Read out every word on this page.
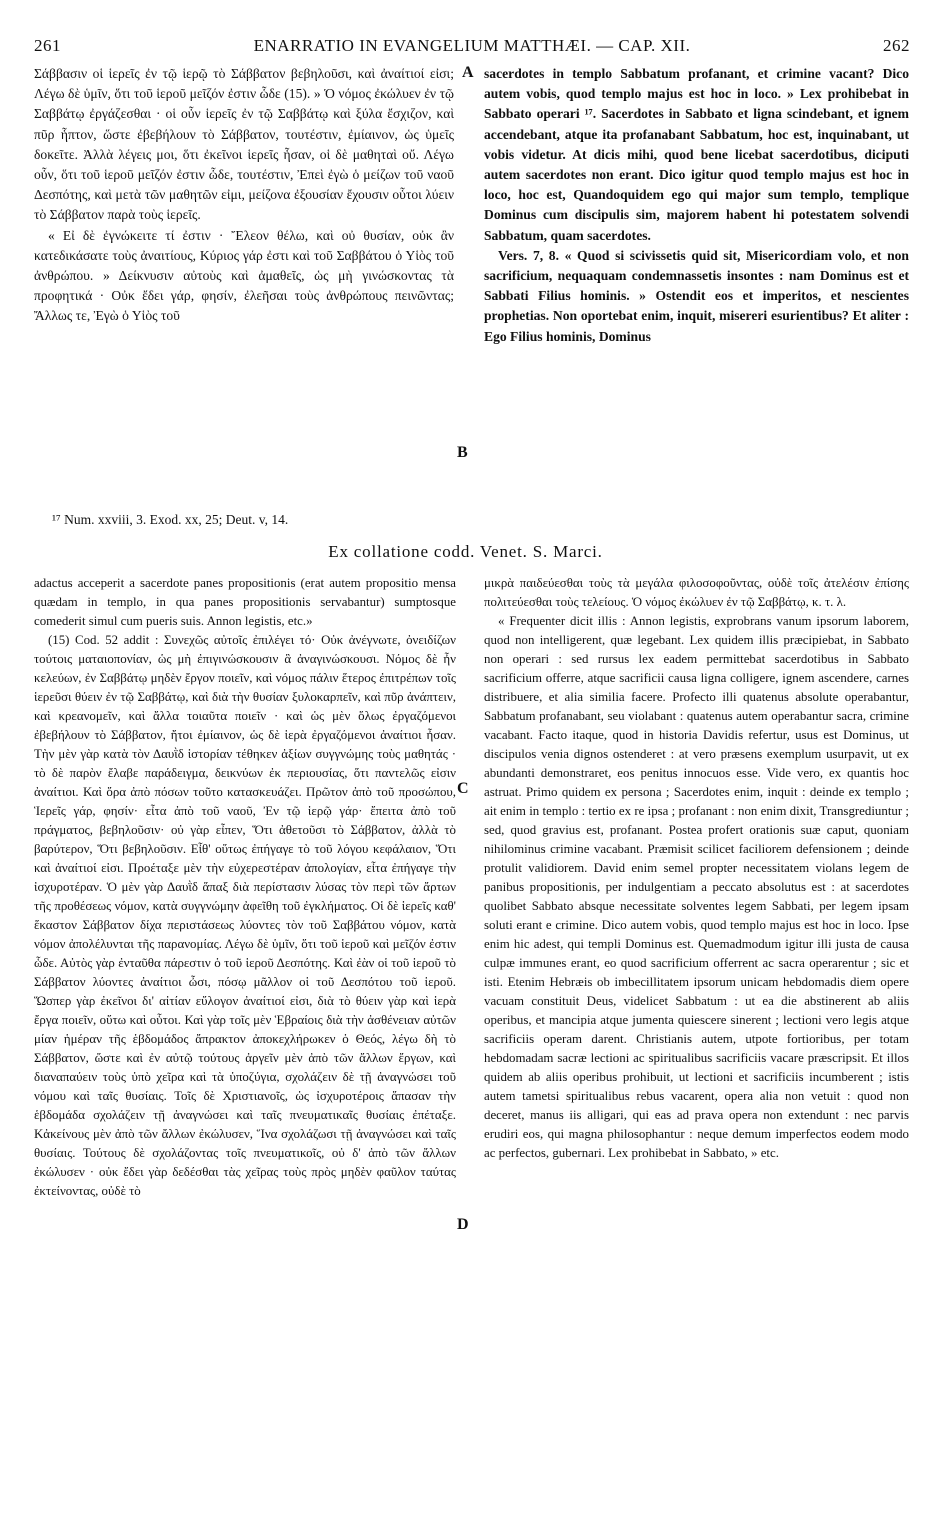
261	ENARRATIO IN EVANGELIUM MATTHÆI. — CAP. XII.	262
A
B
C
D

Σάββασιν οἱ ἱερεῖς ἐν τῷ ἱερῷ τὸ Σάββατον βεβηλοῦσι, καὶ ἀναίτιοί εἰσι; Λέγω δὲ ὑμῖν, ὅτι τοῦ ἱεροῦ μεῖζόν ἐστιν ὧδε (15). » Ὁ νόμος ἐκώλυεν ἐν τῷ Σαββάτῳ ἐργάζεσθαι · οἱ οὖν ἱερεῖς ἐν τῷ Σαββάτῳ καὶ ξύλα ἔσχιζον, καὶ πῦρ ἧπτον, ὥστε ἐβεβήλουν τὸ Σάββατον, τουτέστιν, ἐμίαινον, ὡς ὑμεῖς δοκεῖτε. Ἀλλὰ λέγεις μοι, ὅτι ἐκεῖνοι ἱερεῖς ἦσαν, οἱ δὲ μαθηταὶ οὔ. Λέγω οὖν, ὅτι τοῦ ἱεροῦ μεῖζόν ἐστιν ὧδε, τουτέστιν, Ἐπεὶ ἐγὼ ὁ μείζων τοῦ ναοῦ Δεσπότης, καὶ μετὰ τῶν μαθητῶν εἰμι, μείζονα ἐξουσίαν ἔχουσιν οὗτοι λύειν τὸ Σάββατον παρὰ τοὺς ἱερεῖς.

« Εἰ δὲ ἐγνώκειτε τί ἐστιν · Ἔλεον θέλω, καὶ οὐ θυσίαν, οὐκ ἂν κατεδικάσατε τοὺς ἀναιτίους, Κύριος γάρ ἐστι καὶ τοῦ Σαββάτου ὁ Υἱὸς τοῦ ἀνθρώπου. » Δείκνυσιν αὐτοὺς καὶ ἀμαθεῖς, ὡς μὴ γινώσκοντας τὰ προφητικά · Οὐκ ἔδει γάρ, φησίν, ἐλεῆσαι τοὺς ἀνθρώπους πεινῶντας; Ἄλλως τε, Ἐγὼ ὁ Υἱὸς τοῦ

sacerdotes in templo Sabbatum profanant, et crimine vacant? Dico autem vobis, quod templo majus est hoc in loco. » Lex prohibebat in Sabbato operari ¹⁷. Sacerdotes in Sabbato et ligna scindebant, et ignem accendebant, atque ita profanabant Sabbatum, hoc est, inquinabant, ut vobis videtur. At dicis mihi, quod bene licebat sacerdotibus, diciputi autem sacerdotes non erant. Dico igitur quod templo majus est hoc in loco, hoc est, Quandoquidem ego qui major sum templo, templique Dominus cum discipulis sim, majorem habent hi potestatem solvendi Sabbatum, quam sacerdotes.

Vers. 7, 8. « Quod si scivissetis quid sit, Misericordiam volo, et non sacrificium, nequaquam condemnassetis insontes : nam Dominus est et Sabbati Filius hominis. » Ostendit eos et imperitos, et nescientes prophetias. Non oportebat enim, inquit, misereri esurientibus? Et aliter : Ego Filius hominis, Dominus

¹⁷ Num. xxviii, 3. Exod. xx, 25; Deut. v, 14.
Ex collatione codd. Venet. S. Marci.

adactus acceperit a sacerdote panes propositionis (erat autem propositio mensa quædam in templo, in qua panes propositionis servabantur) sumptosque comederit simul cum pueris suis. Annon legistis, etc.»

(15) Cod. 52 addit : Συνεχῶς αὐτοῖς ἐπιλέγει τό· Οὐκ ἀνέγνωτε, ὀνειδίζων τούτοις ματαιοπονίαν, ὡς μὴ ἐπιγινώσκουσιν ἃ ἀναγινώσκουσι. Νόμος δὲ ἦν κελεύων, ἐν Σαββάτῳ μηδὲν ἔργον ποιεῖν, καὶ νόμος πάλιν ἕτερος ἐπιτρέπων τοῖς ἱερεῦσι θύειν ἐν τῷ Σαββάτῳ, καὶ διὰ τὴν θυσίαν ξυλοκαρπεῖν, καὶ πῦρ ἀνάπτειν, καὶ κρεανομεῖν, καὶ ἄλλα τοιαῦτα ποιεῖν · καὶ ὡς μὲν ὅλως ἐργαζόμενοι ἐβεβήλουν τὸ Σάββατον, ἤτοι ἐμίαινον, ὡς δὲ ἱερὰ ἐργαζόμενοι ἀναίτιοι ἦσαν. Τὴν μὲν γὰρ κατὰ τὸν Δαυῒδ ἱστορίαν τέθηκεν ἀξίων συγγνώμης τοὺς μαθητάς · τὸ δὲ παρὸν ἔλαβε παράδειγμα, δεικνύων ἐκ περιουσίας, ὅτι παντελῶς εἰσιν ἀναίτιοι. Καὶ ὅρα ἀπὸ πόσων τοῦτο κατασκευάζει. Πρῶτον ἀπὸ τοῦ προσώπου, Ἱερεῖς γάρ, φησίν· εἶτα ἀπὸ τοῦ ναοῦ, Ἐν τῷ ἱερῷ γάρ· ἔπειτα ἀπὸ τοῦ πράγματος, βεβηλοῦσιν· οὐ γὰρ εἶπεν, Ὅτι ἀθετοῦσι τὸ Σάββατον, ἀλλὰ τὸ βαρύτερον, Ὅτι βεβηλοῦσιν. Εἶθ' οὕτως ἐπήγαγε τὸ τοῦ λόγου κεφάλαιον, Ὅτι καὶ ἀναίτιοί εἰσι. Προέταξε μὲν τὴν εὐχερεστέραν ἀπολογίαν, εἶτα ἐπήγαγε τὴν ἰσχυροτέραν. Ὁ μὲν γὰρ Δαυῒδ ἅπαξ διὰ περίστασιν λύσας τὸν περὶ τῶν ἄρτων τῆς προθέσεως νόμον, κατὰ συγγνώμην ἀφεῖθη τοῦ ἐγκλήματος. Οἱ δὲ ἱερεῖς καθ' ἕκαστον Σάββατον δίχα περιστάσεως λύοντες τὸν τοῦ Σαββάτου νόμον, κατὰ νόμον ἀπολέλυνται τῆς παρανομίας. Λέγω δὲ ὑμῖν, ὅτι τοῦ ἱεροῦ καὶ μεῖζόν ἐστιν ὧδε. Αὐτὸς γὰρ ἐνταῦθα πάρεστιν ὁ τοῦ ἱεροῦ Δεσπότης. Καὶ ἐὰν οἱ τοῦ ἱεροῦ τὸ Σάββατον λύοντες ἀναίτιοι ὦσι, πόσῳ μᾶλλον οἱ τοῦ Δεσπότου τοῦ ἱεροῦ. Ὥσπερ γὰρ ἐκεῖνοι δι' αἰτίαν εὔλογον ἀναίτιοί εἰσι, διὰ τὸ θύειν γὰρ καὶ ἱερὰ ἔργα ποιεῖν, οὕτω καὶ οὗτοι. Καὶ γὰρ τοῖς μὲν Ἑβραίοις διὰ τὴν ἀσθένειαν αὐτῶν μίαν ἡμέραν τῆς ἑβδομάδος ἄπρακτον ἀποκεχλήρωκεν ὁ Θεός, λέγω δὴ τὸ Σάββατον, ὥστε καὶ ἐν αὐτῷ τούτους ἀργεῖν μὲν ἀπὸ τῶν ἄλλων ἔργων, καὶ διαναπαύειν τοὺς ὑπὸ χεῖρα καὶ τὰ ὑποζύγια, σχολάζειν δὲ τῇ ἀναγνώσει τοῦ νόμου καὶ ταῖς θυσίαις. Τοῖς δὲ Χριστιανοῖς, ὡς ἰσχυροτέροις ἅπασαν τὴν ἑβδομάδα σχολάζειν τῇ ἀναγνώσει καὶ ταῖς πνευματικαῖς θυσίαις ἐπέταξε. Κἀκείνους μὲν ἀπὸ τῶν ἄλλων ἐκώλυσεν, Ἵνα σχολάζωσι τῇ ἀναγνώσει καὶ ταῖς θυσίαις. Τούτους δὲ σχολάζοντας τοῖς πνευματικοῖς, οὐ δ' ἀπὸ τῶν ἄλλων ἐκώλυσεν · οὐκ ἔδει γὰρ δεδέσθαι τὰς χεῖρας τοὺς πρὸς μηδὲν φαῦλον ταύτας ἐκτείνοντας, οὐδὲ τὸ

μικρὰ παιδεύεσθαι τοὺς τὰ μεγάλα φιλοσοφοῦντας, οὐδὲ τοῖς ἀτελέσιν ἐπίσης πολιτεύεσθαι τοὺς τελείους. Ὁ νόμος ἐκώλυεν ἐν τῷ Σαββάτῳ, κ. τ. λ.

« Frequenter dicit illis : Annon legistis, exprobrans vanum ipsorum laborem, quod non intelligerent, quæ legebant. Lex quidem illis præcipiebat, in Sabbato non operari : sed rursus lex eadem permittebat sacerdotibus in Sabbato sacrificium offerre, atque sacrificii causa ligna colligere, ignem ascendere, carnes distribuere, et alia similia facere. Profecto illi quatenus absolute operabantur, Sabbatum profanabant, seu violabant : quatenus autem operabantur sacra, crimine vacabant. Facto itaque, quod in historia Davidis refertur, usus est Dominus, ut discipulos venia dignos ostenderet : at vero præsens exemplum usurpavit, ut ex abundanti demonstraret, eos penitus innocuos esse. Vide vero, ex quantis hoc astruat. Primo quidem ex persona ; Sacerdotes enim, inquit : deinde ex templo ; ait enim in templo : tertio ex re ipsa ; profanant : non enim dixit, Transgrediuntur ; sed, quod gravius est, profanant. Postea profert orationis suæ caput, quoniam nihilominus crimine vacabant. Præmisit scilicet faciliorem defensionem ; deinde protulit validiorem. David enim semel propter necessitatem violans legem de panibus propositionis, per indulgentiam a peccato absolutus est : at sacerdotes quolibet Sabbato absque necessitate solventes legem Sabbati, per legem ipsam soluti erant e crimine. Dico autem vobis, quod templo majus est hoc in loco. Ipse enim hic adest, qui templi Dominus est. Quemadmodum igitur illi justa de causa culpæ immunes erant, eo quod sacrificium offerrent ac sacra operarentur ; sic et isti. Etenim Hebræis ob imbecillitatem ipsorum unicam hebdomadis diem opere vacuam constituit Deus, videlicet Sabbatum : ut ea die abstinerent ab aliis operibus, et mancipia atque jumenta quiescere sinerent ; lectioni vero legis atque sacrificiis operam darent. Christianis autem, utpote fortioribus, per totam hebdomadam sacræ lectioni ac spiritualibus sacrificiis vacare præscripsit. Et illos quidem ab aliis operibus prohibuit, ut lectioni et sacrificiis incumberent ; istis autem tametsi spiritualibus rebus vacarent, opera alia non vetuit : quod non deceret, manus iis alligari, qui eas ad prava opera non extendunt : nec parvis erudiri eos, qui magna philosophantur : neque demum imperfectos eodem modo ac perfectos, gubernari. Lex prohibebat in Sabbato, » etc.
